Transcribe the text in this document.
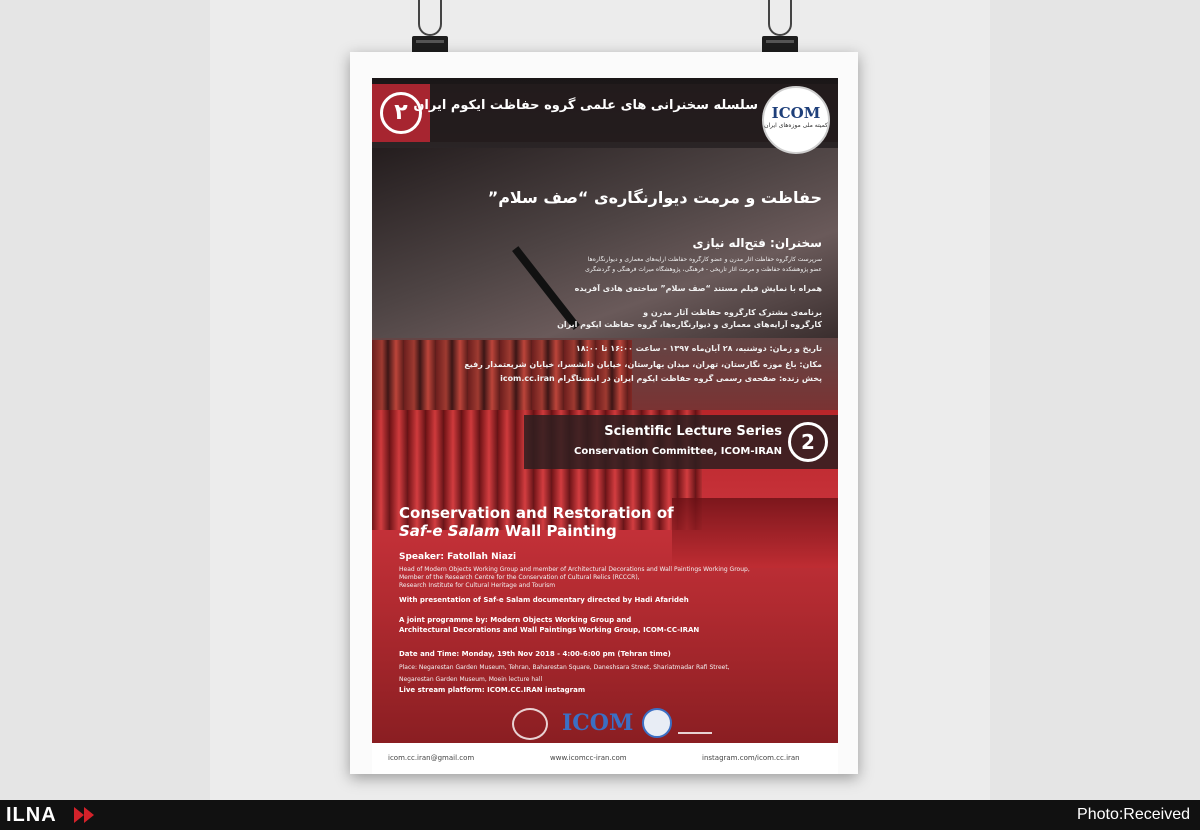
۲ سلسله سخنرانی های علمی گروه حفاظت ایکوم ایران ICOM
کمیته ملی موزه‌های ایران
حفاظت و مرمت دیوارنگاره‌ی “صف سلام”
سخنران: فتح‌اله نیازی
سرپرست کارگروه حفاظت آثار مدرن و عضو کارگروه حفاظت آرایه‌های معماری و دیوارنگاره‌ها
عضو پژوهشکده حفاظت و مرمت آثار تاریخی - فرهنگی، پژوهشگاه میراث فرهنگی و گردشگری
همراه با نمایش فیلم مستند “صف سلام” ساخته‌ی هادی آفریده
برنامه‌ی مشترک کارگروه حفاظت آثار مدرن و
کارگروه آرایه‌های معماری و دیوارنگاره‌ها، گروه حفاظت ایکوم ایران
تاریخ و زمان: دوشنبه، ۲۸ آبان‌ماه ۱۳۹۷ - ساعت ۱۶:۰۰ تا ۱۸:۰۰
مکان: باغ موزه نگارستان، تهران، میدان بهارستان، خیابان دانشسرا، خیابان شریعتمدار رفیع
پخش زنده: صفحه‌ی رسمی گروه حفاظت ایکوم ایران در اینستاگرام icom.cc.iran
Scientific Lecture Series
Conservation Committee, ICOM-IRAN 2
Conservation and Restoration of
Saf-e Salam Wall Painting
Speaker: Fatollah Niazi
Head of Modern Objects Working Group and member of Architectural Decorations and Wall Paintings Working Group,
Member of the Research Centre for the Conservation of Cultural Relics (RCCCR),
Research Institute for Cultural Heritage and Tourism
With presentation of Saf-e Salam documentary directed by Hadi Afarideh
A joint programme by: Modern Objects Working Group and
Architectural Decorations and Wall Paintings Working Group, ICOM-CC-IRAN
Date and Time: Monday, 19th Nov 2018 - 4:00-6:00 pm (Tehran time)
Place: Negarestan Garden Museum, Tehran, Baharestan Square, Daneshsara Street, Shariatmadar Rafi Street,
Negarestan Garden Museum, Moein lecture hall
Live stream platform: ICOM.CC.IRAN instagram
ICOM
icom.cc.iran@gmail.com	www.icomcc-iran.com	instagram.com/icom.cc.iran
ILNA	Photo:Received
